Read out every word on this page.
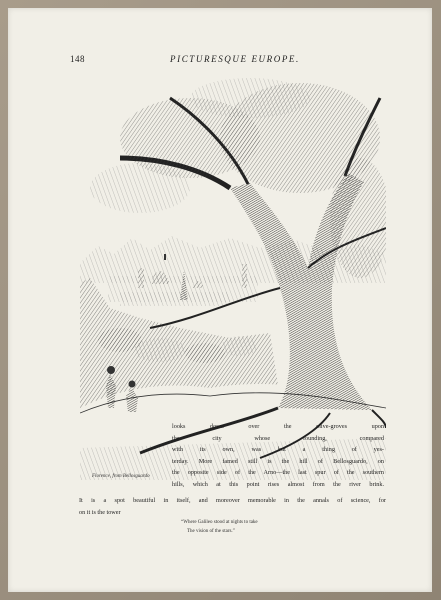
148	PICTURESQUE EUROPE.
Florence, from Bellosguardo
looks down over the olive-groves upon
the city whose founding, compared
with its own, was but a thing of yes-
terday. More famed still is the hill of Bellosguardo, on
the opposite side of the Arno—the last spur of the southern
hills, which at this point rises almost from the river brink.
It is a spot beautiful in itself, and moreover memorable in the annals of science, for
on it is the tower
“Where Galileo stood at nights to take
The vision of the stars.”
